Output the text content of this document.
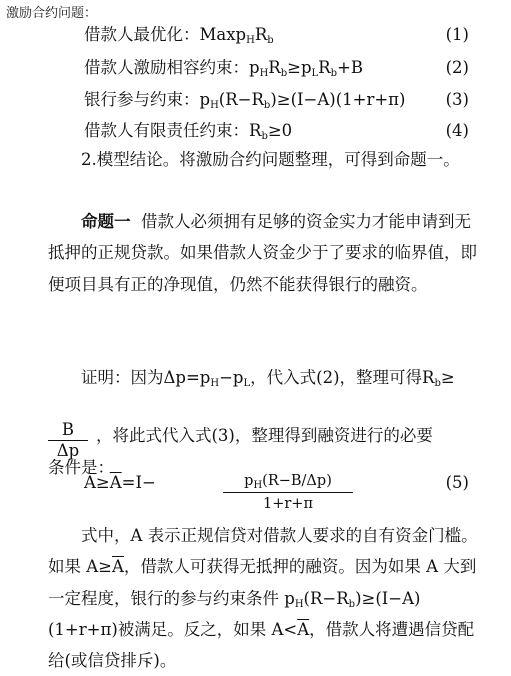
激励合约问题：
借款人最优化：$Maxp_HR_b$	(1)
借款人激励相容约束：$p_HR_b\ge p_LR_b+B$	(2)
银行参与约束：$p_H(R-R_b)\ge(I-A)(1+r+\pi)$ (3)
借款人有限责任约束：$R_b\ge 0$	(4)

2.模型结论。将激励合约问题整理，可得到命题一。

命题一 借款人必须拥有足够的资金实力才能申请到无抵押的正规贷款。如果借款人资金少于了要求的临界值，即便项目具有正的净现值，仍然不能获得银行的融资。

证明：因为$\Delta p=p_H-p_L$，代入式(2)，整理可得$R_b\ge$

$\frac{B}{\Delta p}$ ，将此式代入式(3)，整理得到融资进行的必要
条件是：
$A\ge\overline{A}=I-$	$\frac{p_H(R-B/\Delta p)}{1+r+\pi}$	(5)

式中，A 表示正规信贷对借款人要求的自有资金门槛。如果 $A\ge\overline{A}$，借款人可获得无抵押的融资。因为如果 A 大到一定程度，银行的参与约束条件 $p_H(R-R_b)\ge(I-A)(1+r+\pi)$被满足。反之，如果 $A<\overline{A}$，借款人将遭遇信贷配给(或信贷排斥)。
